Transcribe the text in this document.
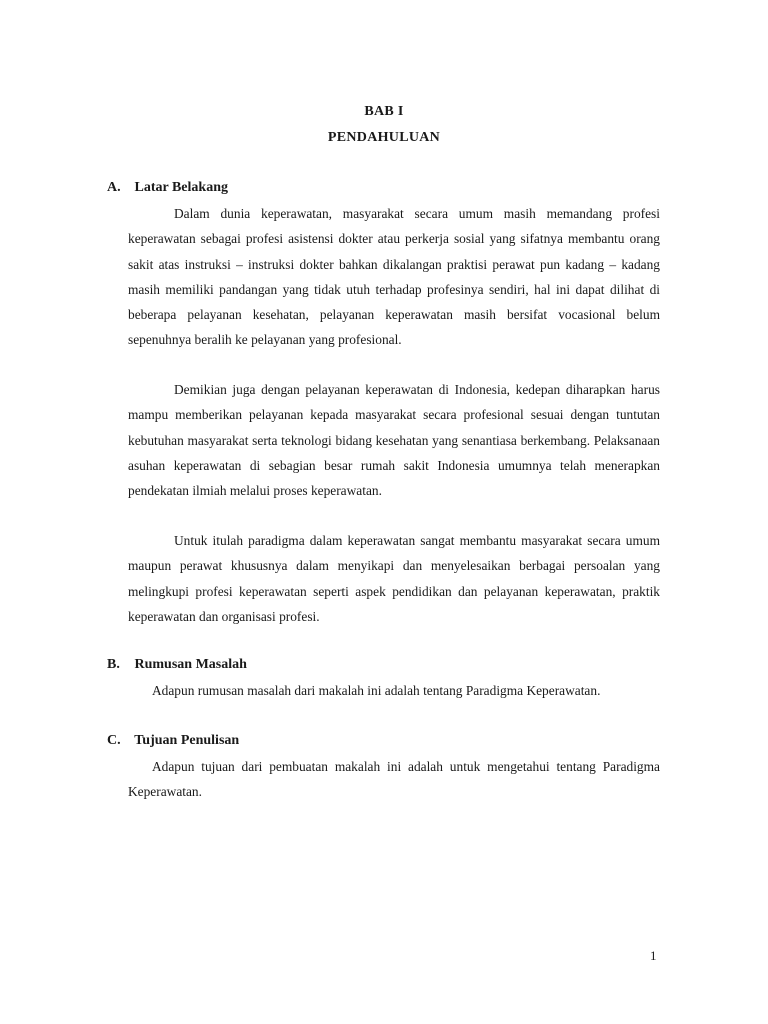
BAB I
PENDAHULUAN
A. Latar Belakang
Dalam dunia keperawatan, masyarakat secara umum masih memandang profesi keperawatan sebagai profesi asistensi dokter atau perkerja sosial yang sifatnya membantu orang sakit atas instruksi – instruksi dokter bahkan dikalangan praktisi perawat pun kadang – kadang masih memiliki pandangan yang tidak utuh terhadap profesinya sendiri, hal ini dapat dilihat di beberapa pelayanan kesehatan, pelayanan keperawatan masih bersifat vocasional belum sepenuhnya beralih ke pelayanan yang profesional.
Demikian juga dengan pelayanan keperawatan di Indonesia, kedepan diharapkan harus mampu memberikan pelayanan kepada masyarakat secara profesional sesuai dengan tuntutan kebutuhan masyarakat serta teknologi bidang kesehatan yang senantiasa berkembang. Pelaksanaan asuhan keperawatan di sebagian besar rumah sakit Indonesia umumnya telah menerapkan pendekatan ilmiah melalui proses keperawatan.
Untuk itulah paradigma dalam keperawatan sangat membantu masyarakat secara umum maupun perawat khususnya dalam menyikapi dan menyelesaikan berbagai persoalan yang melingkupi profesi keperawatan seperti aspek pendidikan dan pelayanan keperawatan, praktik keperawatan dan organisasi profesi.
B. Rumusan Masalah
Adapun rumusan masalah dari makalah ini adalah tentang Paradigma Keperawatan.
C. Tujuan Penulisan
Adapun tujuan dari pembuatan makalah ini adalah untuk mengetahui tentang Paradigma Keperawatan.
1
